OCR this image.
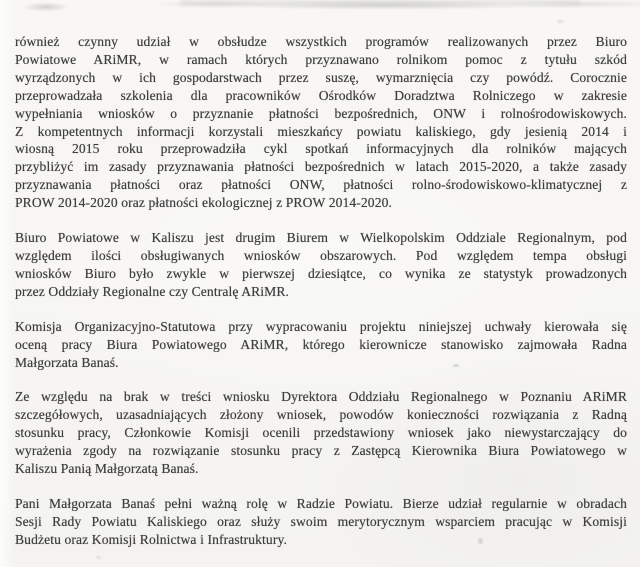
również czynny udział w obsłudze wszystkich programów realizowanych przez Biuro
Powiatowe ARiMR, w ramach których przyznawano rolnikom pomoc z tytułu szkód
wyrządzonych w ich gospodarstwach przez suszę, wymarznięcia czy powódź. Corocznie
przeprowadzała szkolenia dla pracowników Ośrodków Doradztwa Rolniczego w zakresie
wypełniania wniosków o przyznanie płatności bezpośrednich, ONW i rolnośrodowiskowych.
Z kompetentnych informacji korzystali mieszkańcy powiatu kaliskiego, gdy jesienią 2014 i
wiosną 2015 roku przeprowadziła cykl spotkań informacyjnych dla rolników mających
przybliżyć im zasady przyznawania płatności bezpośrednich w latach 2015-2020, a także zasady
przyznawania płatności oraz płatności ONW, płatności rolno-środowiskowo-klimatycznej z
PROW 2014-2020 oraz płatności ekologicznej z PROW 2014-2020.
Biuro Powiatowe w Kaliszu jest drugim Biurem w Wielkopolskim Oddziale Regionalnym, pod
względem ilości obsługiwanych wniosków obszarowych. Pod względem tempa obsługi
wniosków Biuro było zwykle w pierwszej dziesiątce, co wynika ze statystyk prowadzonych
przez Oddziały Regionalne czy Centralę ARiMR.
Komisja Organizacyjno-Statutowa przy wypracowaniu projektu niniejszej uchwały kierowała się
oceną pracy Biura Powiatowego ARiMR, którego kierownicze stanowisko zajmowała Radna
Małgorzata Banaś.
Ze względu na brak w treści wniosku Dyrektora Oddziału Regionalnego w Poznaniu ARiMR
szczegółowych, uzasadniających złożony wniosek, powodów konieczności rozwiązania z Radną
stosunku pracy, Członkowie Komisji ocenili przedstawiony wniosek jako niewystarczający do
wyrażenia zgody na rozwiązanie stosunku pracy z Zastępcą Kierownika Biura Powiatowego w
Kaliszu Panią Małgorzatą Banaś.
Pani Małgorzata Banaś pełni ważną rolę w Radzie Powiatu. Bierze udział regularnie w obradach
Sesji Rady Powiatu Kaliskiego oraz służy swoim merytorycznym wsparciem pracując w Komisji
Budżetu oraz Komisji Rolnictwa i Infrastruktury.
